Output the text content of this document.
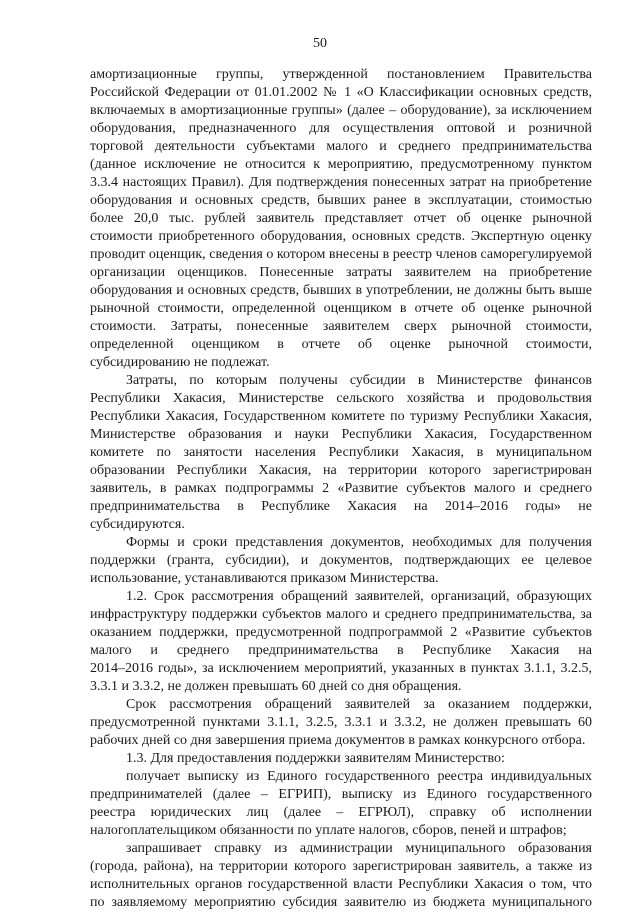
50
амортизационные группы, утвержденной постановлением Правительства
Российской Федерации от 01.01.2002 № 1 «О Классификации основных средств,
включаемых в амортизационные группы» (далее – оборудование), за исключением
оборудования, предназначенного для осуществления оптовой и розничной
торговой деятельности субъектами малого и среднего предпринимательства
(данное исключение не относится к мероприятию, предусмотренному пунктом
3.3.4 настоящих Правил). Для подтверждения понесенных затрат на приобретение
оборудования и основных средств, бывших ранее в эксплуатации, стоимостью
более 20,0 тыс. рублей заявитель представляет отчет об оценке рыночной
стоимости приобретенного оборудования, основных средств. Экспертную оценку
проводит оценщик, сведения о котором внесены в реестр членов саморегулируемой
организации оценщиков. Понесенные затраты заявителем на приобретение
оборудования и основных средств, бывших в употреблении, не должны быть выше
рыночной стоимости, определенной оценщиком в отчете об оценке рыночной
стоимости. Затраты, понесенные заявителем сверх рыночной стоимости,
определенной оценщиком в отчете об оценке рыночной стоимости,
субсидированию не подлежат.
Затраты, по которым получены субсидии в Министерстве финансов
Республики Хакасия, Министерстве сельского хозяйства и продовольствия
Республики Хакасия, Государственном комитете по туризму Республики Хакасия,
Министерстве образования и науки Республики Хакасия, Государственном
комитете по занятости населения Республики Хакасия, в муниципальном
образовании Республики Хакасия, на территории которого зарегистрирован
заявитель, в рамках подпрограммы 2 «Развитие субъектов малого и среднего
предпринимательства в Республике Хакасия на 2014–2016 годы» не
субсидируются.
Формы и сроки представления документов, необходимых для получения
поддержки (гранта, субсидии), и документов, подтверждающих ее целевое
использование, устанавливаются приказом Министерства.
1.2. Срок рассмотрения обращений заявителей, организаций, образующих
инфраструктуру поддержки субъектов малого и среднего предпринимательства, за
оказанием поддержки, предусмотренной подпрограммой 2 «Развитие субъектов
малого и среднего предпринимательства в Республике Хакасия на
2014–2016 годы», за исключением мероприятий, указанных в пунктах 3.1.1, 3.2.5,
3.3.1 и 3.3.2, не должен превышать 60 дней со дня обращения.
Срок рассмотрения обращений заявителей за оказанием поддержки,
предусмотренной пунктами 3.1.1, 3.2.5, 3.3.1 и 3.3.2, не должен превышать 60
рабочих дней со дня завершения приема документов в рамках конкурсного отбора.
1.3. Для предоставления поддержки заявителям Министерство:
получает выписку из Единого государственного реестра индивидуальных
предпринимателей (далее – ЕГРИП), выписку из Единого государственного
реестра юридических лиц (далее – ЕГРЮЛ), справку об исполнении
налогоплательщиком обязанности по уплате налогов, сборов, пеней и штрафов;
запрашивает справку из администрации муниципального образования
(города, района), на территории которого зарегистрирован заявитель, а также из
исполнительных органов государственной власти Республики Хакасия о том, что
по заявляемому мероприятию субсидия заявителю из бюджета муниципального
